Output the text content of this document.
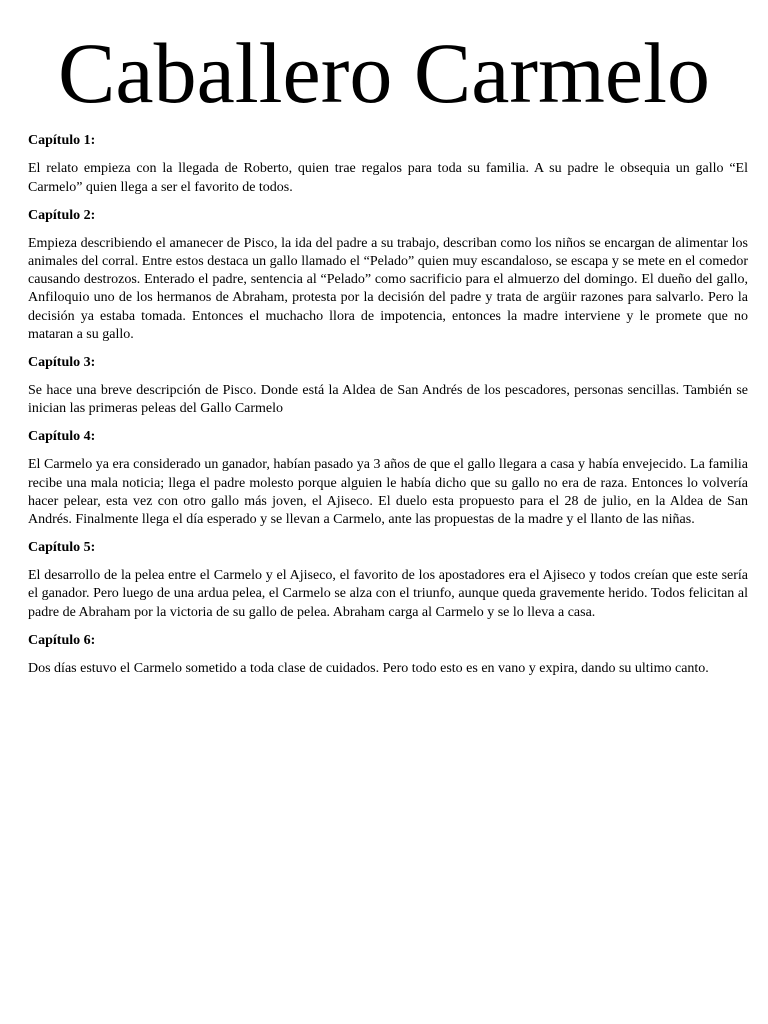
Caballero Carmelo

Capítulo 1:

El relato empieza con la llegada de Roberto, quien trae regalos para toda su familia. A su padre le obsequia un gallo “El Carmelo” quien llega a ser el favorito de todos.

Capítulo 2:

Empieza describiendo el amanecer de Pisco, la ida del padre a su trabajo, describan como los niños se encargan de alimentar los animales del corral. Entre estos destaca un gallo llamado el “Pelado” quien muy escandaloso, se escapa y se mete en el comedor causando destrozos. Enterado el padre, sentencia al “Pelado” como sacrificio para el almuerzo del domingo. El dueño del gallo, Anfiloquio uno de los hermanos de Abraham, protesta por la decisión del padre y trata de argüir razones para salvarlo. Pero la decisión ya estaba tomada. Entonces el muchacho llora de impotencia, entonces la madre interviene y le promete que no mataran a su gallo.

Capítulo 3:

Se hace una breve descripción de Pisco. Donde está la Aldea de San Andrés de los pescadores, personas sencillas. También se inician las primeras peleas del Gallo Carmelo

Capítulo 4:

El Carmelo ya era considerado un ganador, habían pasado ya 3 años de que el gallo llegara a casa y había envejecido. La familia recibe una mala noticia; llega el padre molesto porque alguien le había dicho que su gallo no era de raza. Entonces lo volvería hacer pelear, esta vez con otro gallo más joven, el Ajiseco. El duelo esta propuesto para el 28 de julio, en la Aldea de San Andrés. Finalmente llega el día esperado y se llevan a Carmelo, ante las propuestas de la madre y el llanto de las niñas.

Capítulo 5:

El desarrollo de la pelea entre el Carmelo y el Ajiseco, el favorito de los apostadores era el Ajiseco y todos creían que este sería el ganador. Pero luego de una ardua pelea, el Carmelo se alza con el triunfo, aunque queda gravemente herido. Todos felicitan al padre de Abraham por la victoria de su gallo de pelea. Abraham carga al Carmelo y se lo lleva a casa.

Capítulo 6:

Dos días estuvo el Carmelo sometido a toda clase de cuidados. Pero todo esto es en vano y expira, dando su ultimo canto.
